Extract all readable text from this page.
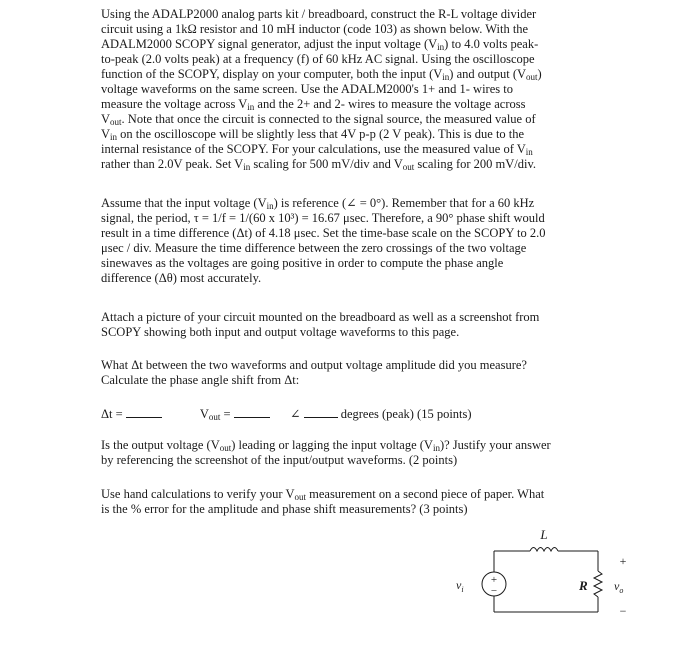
Using the ADALP2000 analog parts kit / breadboard, construct the R-L voltage divider
circuit using a 1kΩ resistor and 10 mH inductor (code 103) as shown below. With the
ADALM2000 SCOPY signal generator, adjust the input voltage $(V_{in})$ to 4.0 volts peak-
to-peak (2.0 volts peak) at a frequency (f) of 60 kHz AC signal. Using the oscilloscope
function of the SCOPY, display on your computer, both the input $(V_{in})$ and output $(V_{out})$
voltage waveforms on the same screen. Use the ADALM2000's 1+ and 1- wires to
measure the voltage across $V_{in}$ and the 2+ and 2- wires to measure the voltage across
$V_{out}$. Note that once the circuit is connected to the signal source, the measured value of
$V_{in}$ on the oscilloscope will be slightly less that 4V p-p (2 V peak). This is due to the
internal resistance of the SCOPY. For your calculations, use the measured value of $V_{in}$
rather than 2.0V peak. Set $V_{in}$ scaling for 500 mV/div and $V_{out}$ scaling for 200 mV/div.

Assume that the input voltage $(V_{in})$ is reference (∠ = 0°). Remember that for a 60 kHz
signal, the period, τ = 1/f = 1/(60 x 10³) = 16.67 μsec. Therefore, a 90° phase shift would
result in a time difference (Δt) of 4.18 μsec. Set the time-base scale on the SCOPY to 2.0
μsec / div. Measure the time difference between the zero crossings of the two voltage
sinewaves as the voltages are going positive in order to compute the phase angle
difference (Δθ) most accurately.

Attach a picture of your circuit mounted on the breadboard as well as a screenshot from
SCOPY showing both input and output voltage waveforms to this page.

What Δt between the two waveforms and output voltage amplitude did you measure?
Calculate the phase angle shift from Δt:

Δt =	$V_{out}$ =	∠	degrees (peak) (15 points)

Is the output voltage $(V_{out})$ leading or lagging the input voltage $(V_{in})$? Justify your answer
by referencing the screenshot of the input/output waveforms. (2 points)

Use hand calculations to verify your $V_{out}$ measurement on a second piece of paper. What
is the % error for the amplitude and phase shift measurements? (3 points)

+
−
L
$v_i$	R $v_o$
+
−
